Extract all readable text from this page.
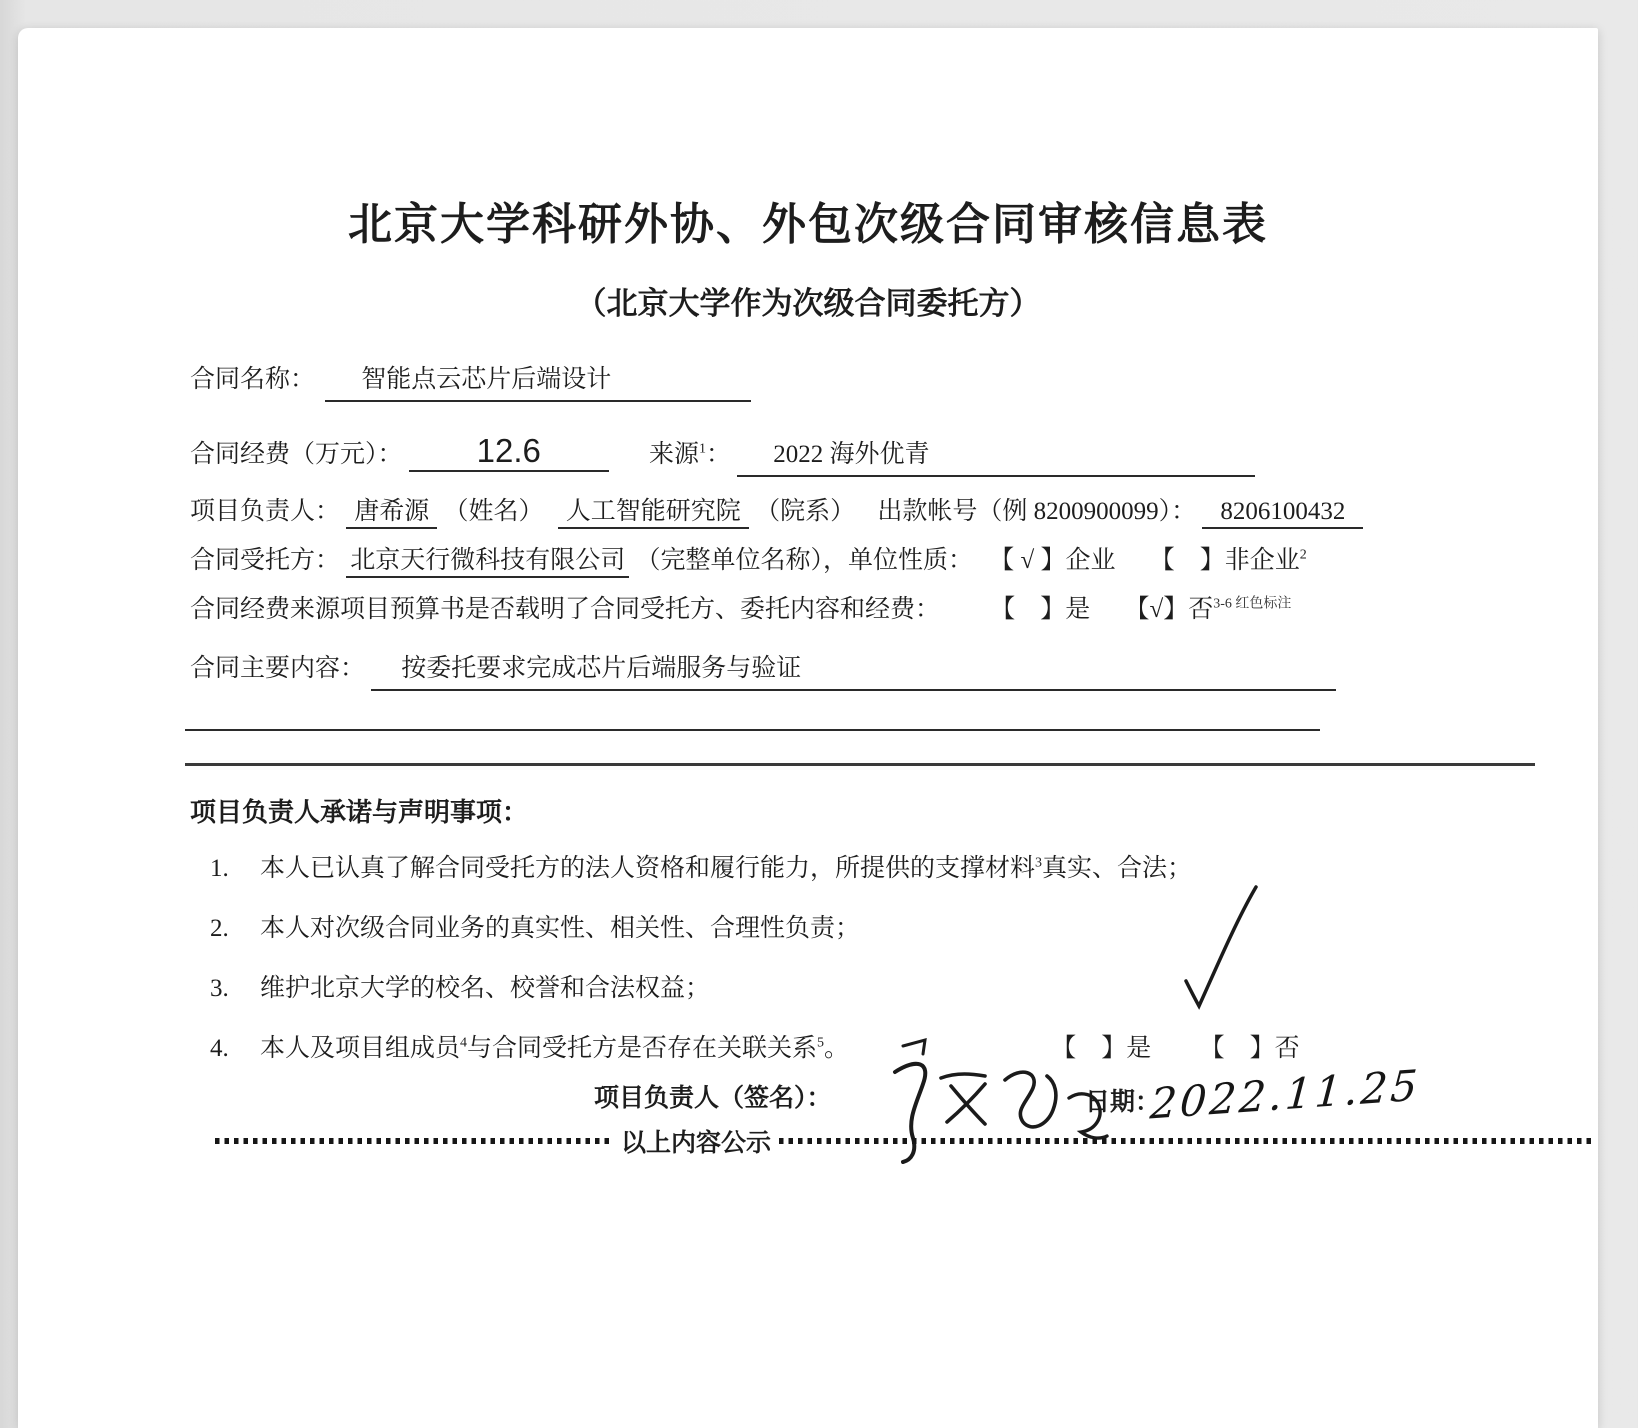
北京大学科研外协、外包次级合同审核信息表
（北京大学作为次级合同委托方）
合同名称： 智能点云芯片后端设计
合同经费（万元）： 12.6	来源$^1$： 2022 海外优青
项目负责人： 唐希源 （姓名） 人工智能研究院 （院系） 出款帐号（例 8200900099）： 8206100432
合同受托方： 北京天行微科技有限公司 （完整单位名称），单位性质： 【 √ 】企业 【　】非企业$^2$
合同经费来源项目预算书是否载明了合同受托方、委托内容和经费： 【　】是 【√】否$^{3-6 红色标注}$
合同主要内容： 按委托要求完成芯片后端服务与验证
项目负责人承诺与声明事项：
1. 本人已认真了解合同受托方的法人资格和履行能力，所提供的支撑材料$^3$真实、合法；
2. 本人对次级合同业务的真实性、相关性、合理性负责；
3. 维护北京大学的校名、校誉和合法权益；
4. 本人及项目组成员$^4$与合同受托方是否存在关联关系$^5$。	【　】是 【　】否
项目负责人（签名）：	日期：
2022.11.25
以上内容公示
